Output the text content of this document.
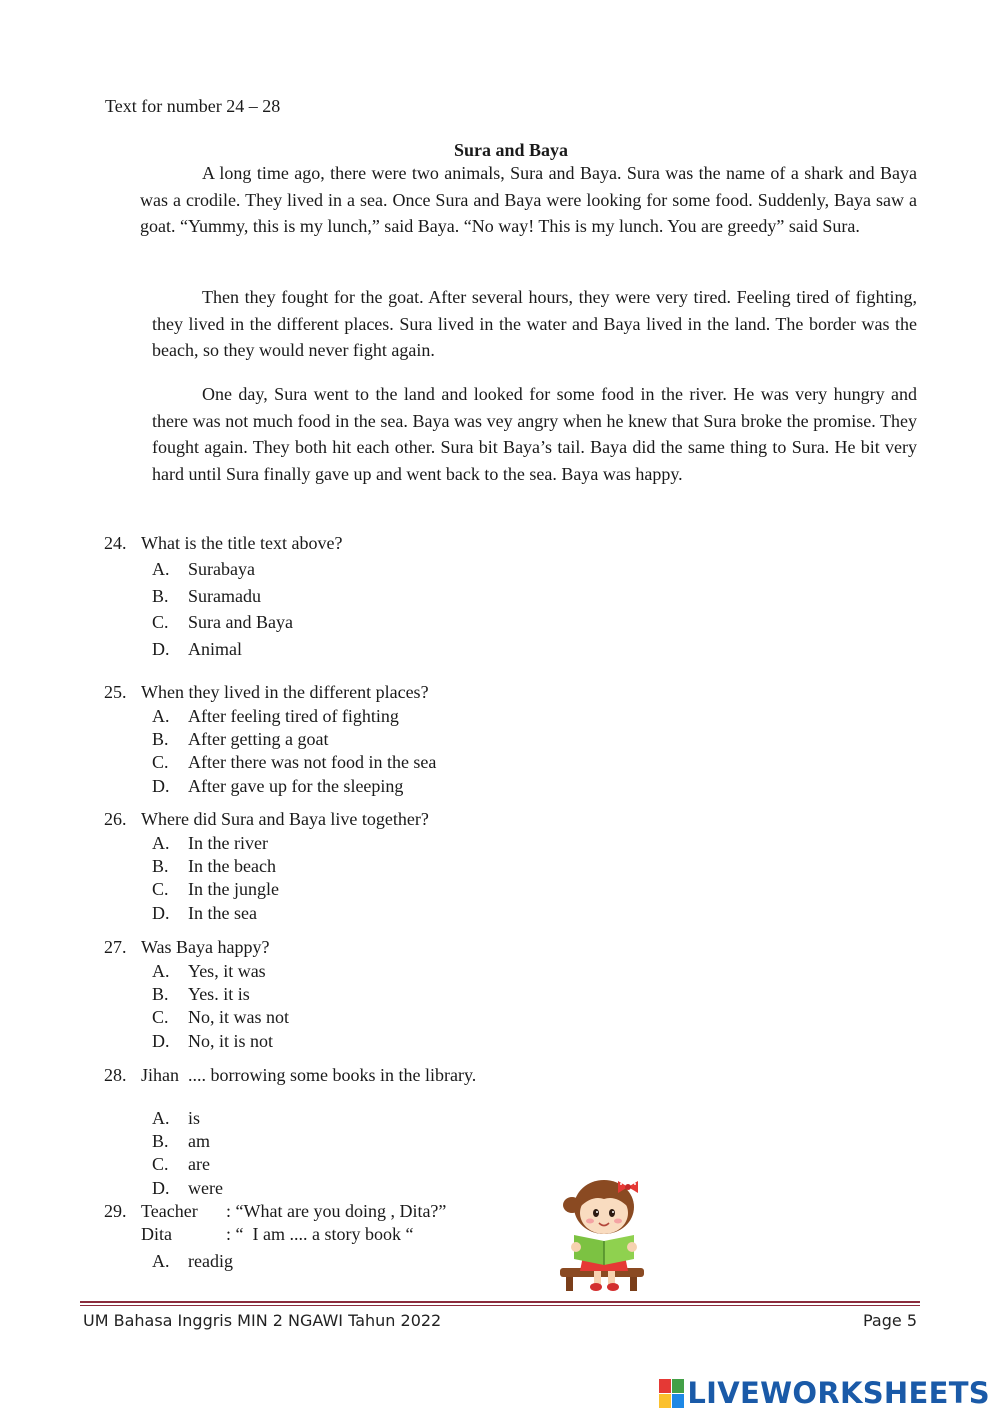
Text for number 24 – 28
Sura and Baya
A long time ago, there were two animals, Sura and Baya. Sura was the name of a shark and Baya was a crodile. They lived in a sea. Once Sura and Baya were looking for some food. Suddenly, Baya saw a goat. “Yummy, this is my lunch,” said Baya. “No way! This is my lunch. You are greedy” said Sura.
Then they fought for the goat. After several hours, they were very tired. Feeling tired of fighting, they lived in the different places. Sura lived in the water and Baya lived in the land. The border was the beach, so they would never fight again.
One day, Sura went to the land and looked for some food in the river. He was very hungry and there was not much food in the sea. Baya was vey angry when he knew that Sura broke the promise. They fought again. They both hit each other. Sura bit Baya’s tail. Baya did the same thing to Sura. He bit very hard until Sura finally gave up and went back to the sea. Baya was happy.
24. What is the title text above?
A. Surabaya
B. Suramadu
C. Sura and Baya
D. Animal
25. When they lived in the different places?
A. After feeling tired of fighting
B. After getting a goat
C. After there was not food in the sea
D. After gave up for the sleeping
26. Where did Sura and Baya live together?
A. In the river
B. In the beach
C. In the jungle
D. In the sea
27. Was Baya happy?
A. Yes, it was
B. Yes. it is
C. No, it was not
D. No, it is not
28. Jihan  .... borrowing some books in the library.
A. is
B. am
C. are
D. were
29. Teacher : “What are you doing , Dita?”
Dita	: “  I am .... a story book “
A. readig
UM Bahasa Inggris MIN 2 NGAWI Tahun 2022	Page 5
LIVEWORKSHEETS
